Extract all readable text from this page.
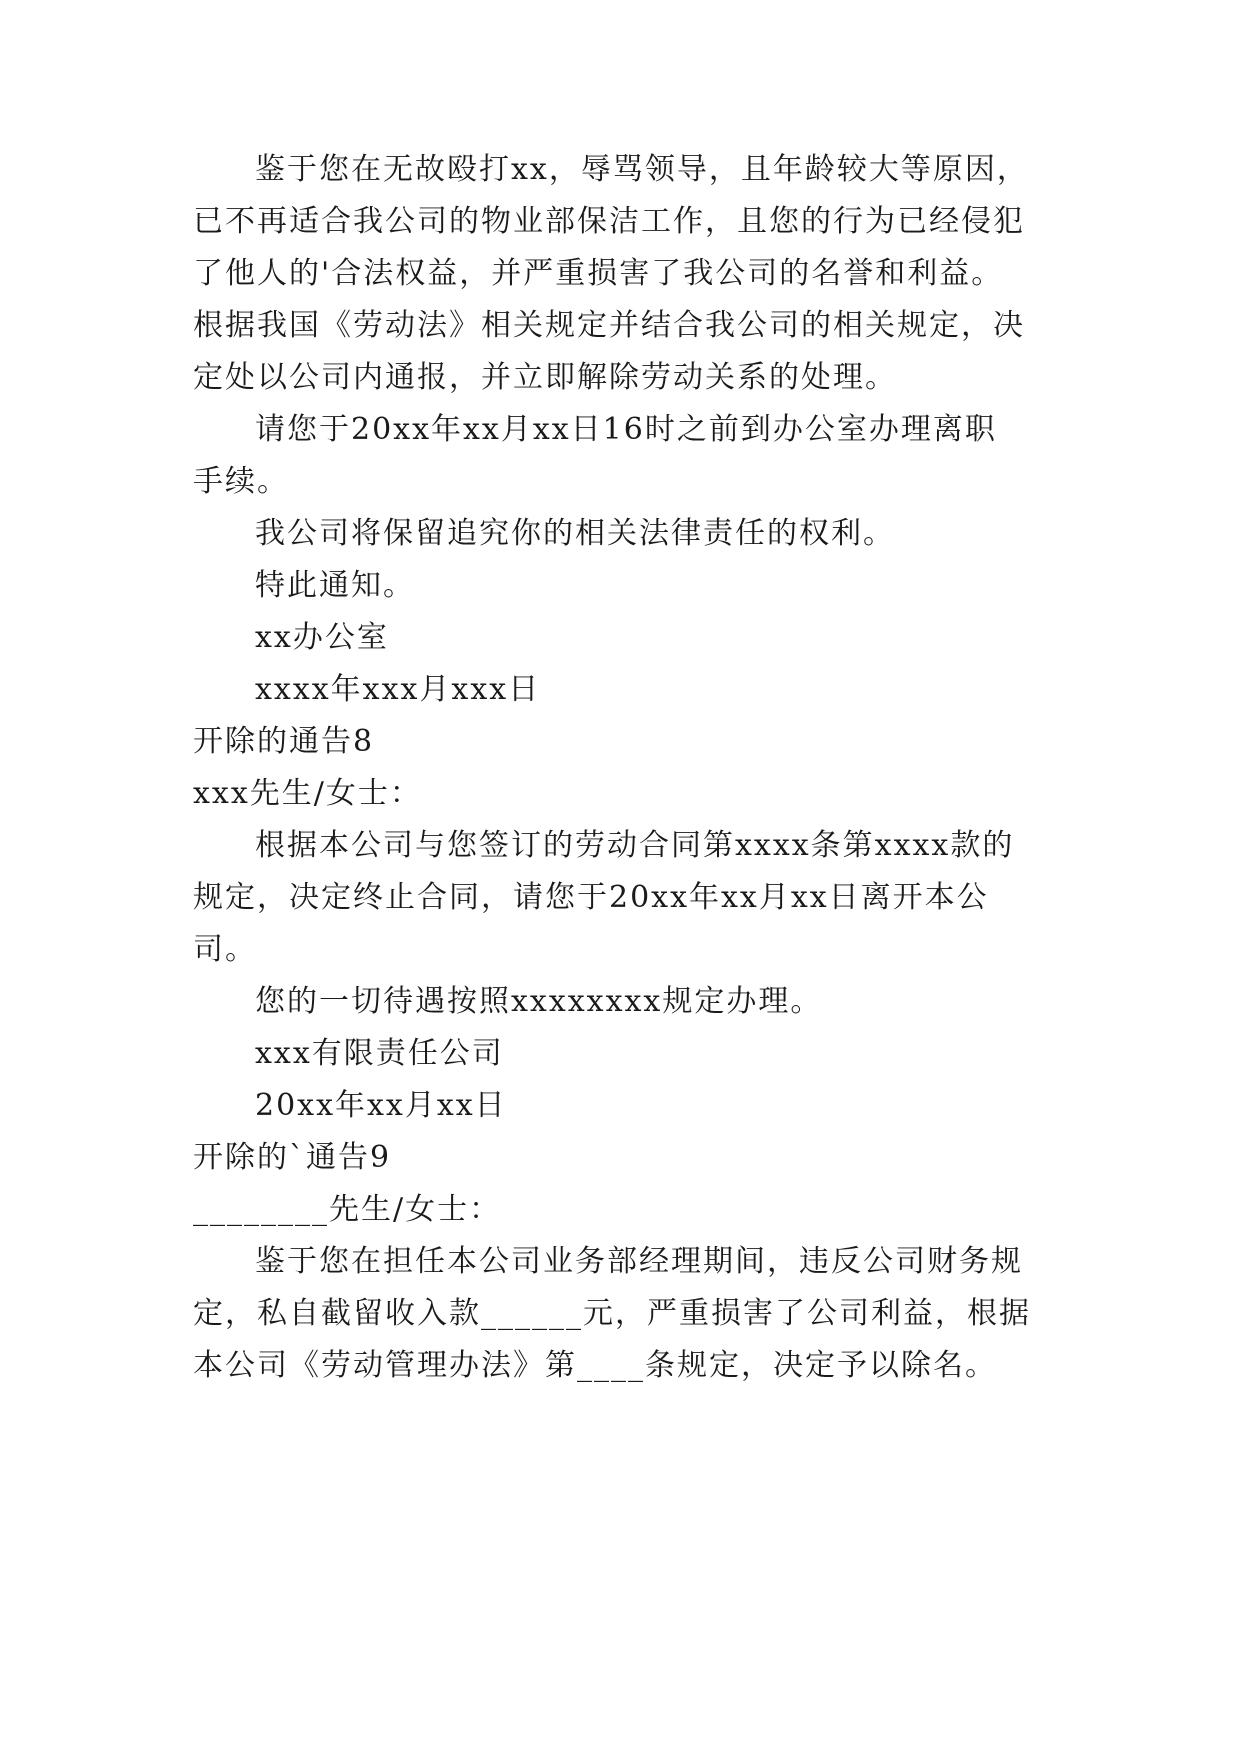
鉴于您在无故殴打xx，辱骂领导，且年龄较大等原因，
已不再适合我公司的物业部保洁工作，且您的行为已经侵犯
了他人的'合法权益，并严重损害了我公司的名誉和利益。
根据我国《劳动法》相关规定并结合我公司的相关规定，决
定处以公司内通报，并立即解除劳动关系的处理。
请您于20xx年xx月xx日16时之前到办公室办理离职
手续。
我公司将保留追究你的相关法律责任的权利。
特此通知。
xx办公室
xxxx年xxx月xxx日
开除的通告8
xxx先生/女士：
根据本公司与您签订的劳动合同第xxxx条第xxxx款的
规定，决定终止合同，请您于20xx年xx月xx日离开本公
司。
您的一切待遇按照xxxxxxxx规定办理。
xxx有限责任公司
20xx年xx月xx日
开除的`通告9
________先生/女士：
鉴于您在担任本公司业务部经理期间，违反公司财务规
定，私自截留收入款______元，严重损害了公司利益，根据
本公司《劳动管理办法》第____条规定，决定予以除名。
